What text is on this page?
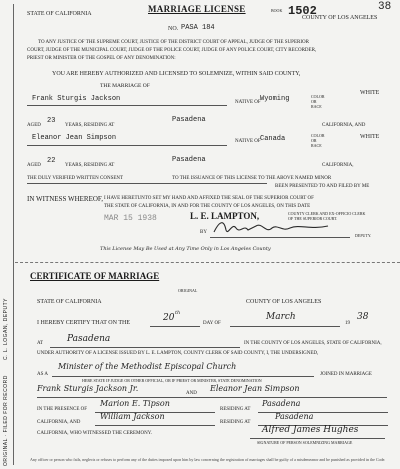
C. L. LOGAN, DEPUTY
ORIGINAL · FILED FOR RECORD
STATE OF CALIFORNIA	MARRIAGE LICENSE	BOOK 1502	38
COUNTY OF LOS ANGELES
NO. PASA 184
TO ANY JUSTICE OF THE SUPREME COURT, JUSTICE OF THE DISTRICT COURT OF APPEAL, JUDGE OF THE SUPERIOR
COURT, JUDGE OF THE MUNICIPAL COURT, JUDGE OF THE POLICE COURT, JUDGE OF ANY POLICE COURT, CITY RECORDER,
PRIEST OR MINISTER OF THE GOSPEL OF ANY DENOMINATION:
YOU ARE HEREBY AUTHORIZED AND LICENSED TO SOLEMNIZE, WITHIN SAID COUNTY,
THE MARRIAGE OF
Frank Sturgis Jackson	NATIVE OF Wyoming	COLOR
OR
RACE
WHITE
AGED
23
YEARS, RESIDING AT
Pasadena
CALIFORNIA, AND
Eleanor Jean Simpson	NATIVE OF Canada	COLOR
OR
RACE
WHITE
AGED
22
YEARS, RESIDING AT
Pasadena
CALIFORNIA,
THE DULY VERIFIED WRITTEN CONSENT	TO THE ISSUANCE OF THIS LICENSE TO THE ABOVE NAMED MINOR
BEEN PRESENTED TO AND FILED BY ME
IN WITNESS WHEREOF, I HAVE HERETUNTO SET MY HAND AND AFFIXED THE SEAL OF THE SUPERIOR COURT OF
THE STATE OF CALIFORNIA, IN AND FOR THE COUNTY OF LOS ANGELES, ON THIS DATE
MAR 15 1938	L. E. LAMPTON,	COUNTY CLERK AND EX-OFFICIO CLERK
OF THE SUPERIOR COURT.
BY
DEPUTY.
This License May Be Used at Any Time Only in Los Angeles County
CERTIFICATE OF MARRIAGE
ORIGINAL
STATE OF CALIFORNIA	COUNTY OF LOS ANGELES
I HEREBY CERTIFY THAT ON THE	20 th
DAY OF
March
19
38
AT	Pasadena	IN THE COUNTY OF LOS ANGELES, STATE OF CALIFORNIA,
UNDER AUTHORITY OF A LICENSE ISSUED BY L. E. LAMPTON, COUNTY CLERK OF SAID COUNTY, I, THE UNDERSIGNED,
AS A
Minister of the Methodist Episcopal Church
JOINED IN MARRIAGE
HERE STATE IF JUDGE OR OTHER OFFICIAL, OR IF PRIEST OR MINISTER, STATE DENOMINATION
Frank Sturgis Jackson Jr.
AND
Eleanor Jean Simpson
IN THE PRESENCE OF
Marion E. Tipson
RESIDING AT
Pasadena
CALIFORNIA, AND
William Jackson
RESIDING AT
Pasadena
CALIFORNIA, WHO WITNESSED THE CEREMONY.	Alfred James Hughes
SIGNATURE OF PERSON SOLEMNIZING MARRIAGE
Any officer or person who fails, neglects or refuses to perform any of the duties imposed upon him by law concerning the registration of marriages shall be guilty of a misdemeanor and be punished as provided in the Code.
